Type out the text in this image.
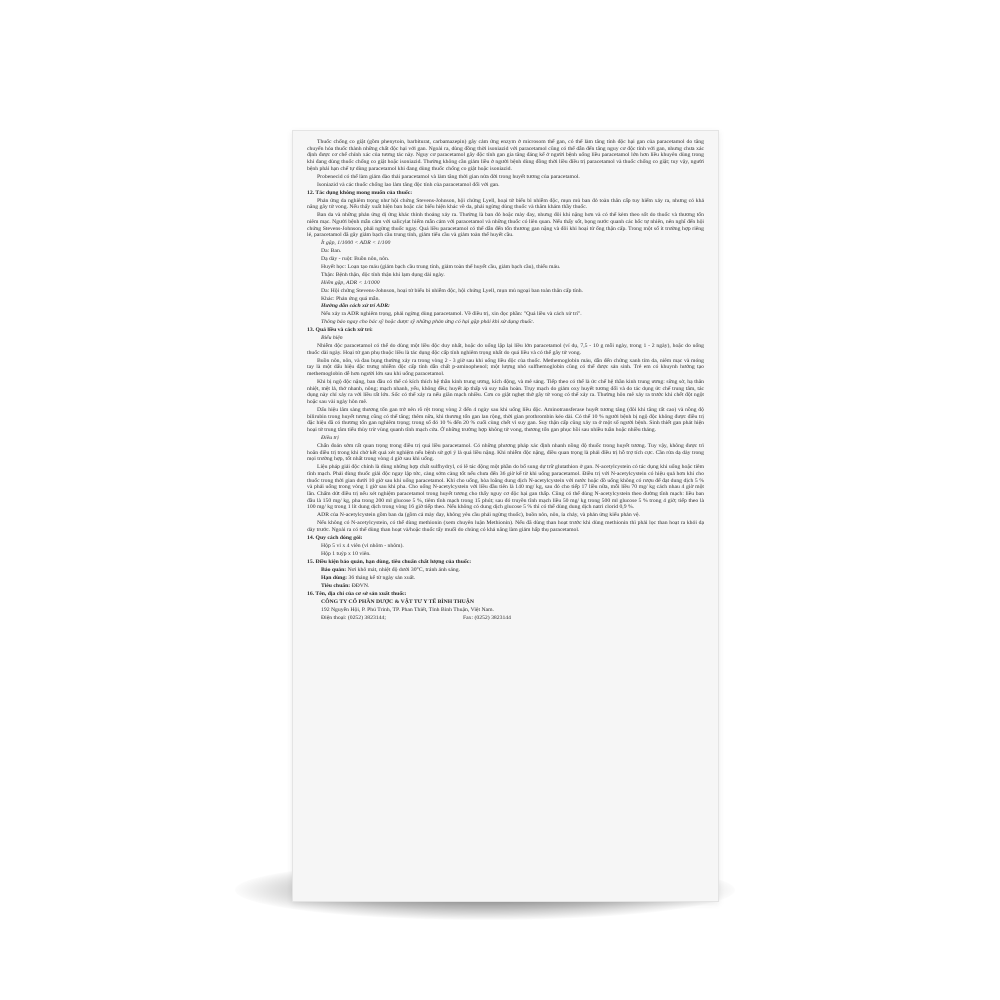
Thuốc chống co giật (gồm phenytoin, barbiturat, carbamazepin) gây cảm ứng enzym ở microsom thể gan, có thể làm tăng tính độc hại gan của paracetamol do tăng chuyển hóa thuốc thành những chất độc hại với gan. Ngoài ra, dùng đồng thời isoniazid với paracetamol cũng có thể dẫn đến tăng nguy cơ độc tính với gan, nhưng chưa xác định được cơ chế chính xác của tương tác này. Nguy cơ paracetamol gây độc tính gan gia tăng đáng kể ở người bệnh uống liều paracetamol lớn hơn liều khuyên dùng trong khi đang dùng thuốc chống co giật hoặc isoniazid. Thường không cần giảm liều ở người bệnh dùng đồng thời liều điều trị paracetamol và thuốc chống co giật; tuy vậy, người bệnh phải hạn chế tự dùng paracetamol khi đang dùng thuốc chống co giật hoặc isoniazid.

Probenecid có thể làm giảm đào thải paracetamol và làm tăng thời gian nửa đời trong huyết tương của paracetamol.

Isoniazid và các thuốc chống lao làm tăng độc tính của paracetamol đối với gan.

12. Tác dụng không mong muốn của thuốc:

Phản ứng da nghiêm trọng như hội chứng Stevens-Johnson, hội chứng Lyell, hoại tử biểu bì nhiễm độc, mụn mủ ban đỏ toàn thân cấp tuy hiếm xảy ra, nhưng có khả năng gây tử vong. Nếu thấy xuất hiện ban hoặc các biểu hiện khác về da, phải ngừng dùng thuốc và thăm khám thầy thuốc.

Ban da và những phản ứng dị ứng khác thỉnh thoảng xảy ra. Thường là ban đỏ hoặc mày đay, nhưng đôi khi nặng hơn và có thể kèm theo sốt do thuốc và thương tổn niêm mạc. Người bệnh mẫn cảm với salicylat hiếm mẫn cảm với paracetamol và những thuốc có liên quan. Nếu thấy sốt, bọng nước quanh các hốc tự nhiên, nên nghĩ đến hội chứng Stevens-Johnson, phải ngừng thuốc ngay. Quá liều paracetamol có thể dẫn đến tổn thương gan nặng và đôi khi hoại tử ống thận cấp. Trong một số ít trường hợp riêng lẻ, paracetamol đã gây giảm bạch cầu trung tính, giảm tiểu cầu và giảm toàn thể huyết cầu.

Ít gặp, 1/1000 < ADR < 1/100

Da: Ban.

Dạ dày - ruột: Buồn nôn, nôn.

Huyết học: Loạn tạo máu (giảm bạch cầu trung tính, giảm toàn thể huyết cầu, giảm bạch cầu), thiếu máu.

Thận: Bệnh thận, độc tính thận khi lạm dụng dài ngày.

Hiếm gặp, ADR < 1/1000

Da: Hội chứng Stevens-Johnson, hoại tử biểu bì nhiễm độc, hội chứng Lyell, mụn mủ ngoại ban toàn thân cấp tính.

Khác: Phản ứng quá mẫn.

Hướng dẫn cách xử trí ADR:

Nếu xảy ra ADR nghiêm trọng, phải ngừng dùng paracetamol. Về điều trị, xin đọc phần: "Quá liều và cách xử trí".

Thông báo ngay cho bác sỹ hoặc dược sỹ những phản ứng có hại gặp phải khi sử dụng thuốc.

13. Quá liều và cách xử trí:

Biểu hiện

Nhiễm độc paracetamol có thể do dùng một liều độc duy nhất, hoặc do uống lặp lại liều lớn paracetamol (ví dụ, 7,5 - 10 g mỗi ngày, trong 1 - 2 ngày), hoặc do uống thuốc dài ngày. Hoại tử gan phụ thuộc liều là tác dụng độc cấp tính nghiêm trọng nhất do quá liều và có thể gây tử vong.

Buồn nôn, nôn, và đau bụng thường xảy ra trong vòng 2 - 3 giờ sau khi uống liều độc của thuốc. Methemoglobin máu, dẫn đến chứng xanh tím da, niêm mạc và móng tay là một dấu hiệu đặc trưng nhiễm độc cấp tính dẫn chất p-aminophenol; một lượng nhỏ sulfhemoglobin cũng có thể được sản sinh. Trẻ em có khuynh hướng tạo methemoglobin dễ hơn người lớn sau khi uống paracetamol.

Khi bị ngộ độc nặng, ban đầu có thể có kích thích hệ thần kinh trung ương, kích động, và mê sảng. Tiếp theo có thể là ức chế hệ thần kinh trung ương: sững sờ, hạ thân nhiệt, mệt lả, thở nhanh, nông; mạch nhanh, yếu, không đều; huyết áp thấp và suy tuần hoàn. Trụy mạch do giảm oxy huyết tương đối và do tác dụng ức chế trung tâm, tác dụng này chỉ xảy ra với liều rất lớn. Sốc có thể xảy ra nếu giãn mạch nhiều. Cơn co giật nghẹt thở gây tử vong có thể xảy ra. Thường hôn mê xảy ra trước khi chết đột ngột hoặc sau vài ngày hôn mê.

Dấu hiệu lâm sàng thương tổn gan trở nên rõ rệt trong vòng 2 đến 4 ngày sau khi uống liều độc. Aminotransferase huyết tương tăng (đôi khi tăng rất cao) và nồng độ bilirubin trong huyết tương cũng có thể tăng; thêm nữa, khi thương tổn gan lan rộng, thời gian prothrombin kéo dài. Có thể 10 % người bệnh bị ngộ độc không được điều trị đặc hiệu đã có thương tổn gan nghiêm trọng; trong số đó 10 % đến 20 % cuối cùng chết vì suy gan. Suy thận cấp cũng xảy ra ở một số người bệnh. Sinh thiết gan phát hiện hoại tử trung tâm tiểu thùy trừ vùng quanh tĩnh mạch cửa. Ở những trường hợp không tử vong, thương tổn gan phục hồi sau nhiều tuần hoặc nhiều tháng.

Điều trị

Chẩn đoán sớm rất quan trọng trong điều trị quá liều paracetamol. Có những phương pháp xác định nhanh nồng độ thuốc trong huyết tương. Tuy vậy, không được trì hoãn điều trị trong khi chờ kết quả xét nghiệm nếu bệnh sử gợi ý là quá liều nặng. Khi nhiễm độc nặng, điều quan trọng là phải điều trị hỗ trợ tích cực. Cần rửa dạ dày trong mọi trường hợp, tốt nhất trong vòng 4 giờ sau khi uống.

Liệu pháp giải độc chính là dùng những hợp chất sulfhydryl, có lẽ tác động một phần do bổ sung dự trữ glutathion ở gan. N-acetylcystein có tác dụng khi uống hoặc tiêm tĩnh mạch. Phải dùng thuốc giải độc ngay lập tức, càng sớm càng tốt nếu chưa đến 36 giờ kể từ khi uống paracetamol. Điều trị với N-acetylcystein có hiệu quả hơn khi cho thuốc trong thời gian dưới 10 giờ sau khi uống paracetamol. Khi cho uống, hòa loãng dung dịch N-acetylcystein với nước hoặc đồ uống không có rượu để đạt dung dịch 5 % và phải uống trong vòng 1 giờ sau khi pha. Cho uống N-acetylcystein với liều đầu tiên là 140 mg/ kg, sau đó cho tiếp 17 liều nữa, mỗi liều 70 mg/ kg cách nhau 4 giờ một lần. Chấm dứt điều trị nếu xét nghiệm paracetamol trong huyết tương cho thấy nguy cơ độc hại gan thấp. Cũng có thể dùng N-acetylcystein theo đường tĩnh mạch: liều ban đầu là 150 mg/ kg, pha trong 200 ml glucose 5 %, tiêm tĩnh mạch trong 15 phút; sau đó truyền tĩnh mạch liều 50 mg/ kg trong 500 ml glucose 5 % trong 4 giờ; tiếp theo là 100 mg/ kg trong 1 lít dung dịch trong vòng 16 giờ tiếp theo. Nếu không có dung dịch glucose 5 % thì có thể dùng dung dịch natri clorid 0,9 %.

ADR của N-acetylcystein gồm ban da (gồm cả mày đay, không yêu cầu phải ngừng thuốc), buồn nôn, nôn, ỉa chảy, và phản ứng kiểu phản vệ.

Nếu không có N-acetylcystein, có thể dùng methionin (xem chuyên luận Methionin). Nếu đã dùng than hoạt trước khi dùng methionin thì phải lọc than hoạt ra khỏi dạ dày trước. Ngoài ra có thể dùng than hoạt và/hoặc thuốc tẩy muối do chúng có khả năng làm giảm hấp thụ paracetamol.

14. Quy cách đóng gói:

Hộp 5 vỉ x 4 viên (vỉ nhôm - nhôm).

Hộp 1 tuýp x 10 viên.

15. Điều kiện bảo quản, hạn dùng, tiêu chuẩn chất lượng của thuốc:

Bảo quản: Nơi khô mát, nhiệt độ dưới 30°C, tránh ánh sáng.

Hạn dùng: 36 tháng kể từ ngày sản xuất.

Tiêu chuẩn: ĐĐVN.

16. Tên, địa chỉ của cơ sở sản xuất thuốc:

CÔNG TY CỔ PHẦN DƯỢC & VẬT TƯ Y TẾ BÌNH THUẬN

192 Nguyễn Hội, P. Phú Trinh, TP. Phan Thiết, Tỉnh Bình Thuận, Việt Nam.

Điện thoại: (0252) 3823144;	Fax: (0252) 3823144
